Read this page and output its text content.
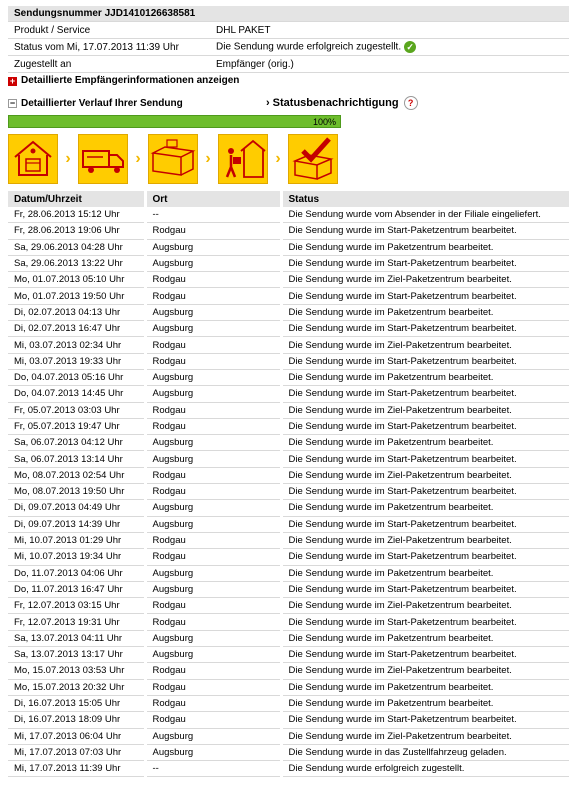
Sendungsnummer JJD1410126638581	
Produkt / Service	DHL PAKET
Status vom Mi, 17.07.2013 11:39 Uhr	Die Sendung wurde erfolgreich zugestellt. ✓
Zugestellt an	Empfänger (orig.)
+ Detaillierte Empfängerinformationen anzeigen
− Detaillierter Verlauf Ihrer Sendung	› Statusbenachrichtigung	?
100%
›	›	›	›
Datum/Uhrzeit	Ort	Status
Fr, 28.06.2013 15:12 Uhr	--	Die Sendung wurde vom Absender in der Filiale eingeliefert.
Fr, 28.06.2013 19:06 Uhr	Rodgau	Die Sendung wurde im Start-Paketzentrum bearbeitet.
Sa, 29.06.2013 04:28 Uhr	Augsburg	Die Sendung wurde im Paketzentrum bearbeitet.
Sa, 29.06.2013 13:22 Uhr	Augsburg	Die Sendung wurde im Start-Paketzentrum bearbeitet.
Mo, 01.07.2013 05:10 Uhr	Rodgau	Die Sendung wurde im Ziel-Paketzentrum bearbeitet.
Mo, 01.07.2013 19:50 Uhr	Rodgau	Die Sendung wurde im Start-Paketzentrum bearbeitet.
Di, 02.07.2013 04:13 Uhr	Augsburg	Die Sendung wurde im Paketzentrum bearbeitet.
Di, 02.07.2013 16:47 Uhr	Augsburg	Die Sendung wurde im Start-Paketzentrum bearbeitet.
Mi, 03.07.2013 02:34 Uhr	Rodgau	Die Sendung wurde im Ziel-Paketzentrum bearbeitet.
Mi, 03.07.2013 19:33 Uhr	Rodgau	Die Sendung wurde im Start-Paketzentrum bearbeitet.
Do, 04.07.2013 05:16 Uhr	Augsburg	Die Sendung wurde im Paketzentrum bearbeitet.
Do, 04.07.2013 14:45 Uhr	Augsburg	Die Sendung wurde im Start-Paketzentrum bearbeitet.
Fr, 05.07.2013 03:03 Uhr	Rodgau	Die Sendung wurde im Ziel-Paketzentrum bearbeitet.
Fr, 05.07.2013 19:47 Uhr	Rodgau	Die Sendung wurde im Start-Paketzentrum bearbeitet.
Sa, 06.07.2013 04:12 Uhr	Augsburg	Die Sendung wurde im Paketzentrum bearbeitet.
Sa, 06.07.2013 13:14 Uhr	Augsburg	Die Sendung wurde im Start-Paketzentrum bearbeitet.
Mo, 08.07.2013 02:54 Uhr	Rodgau	Die Sendung wurde im Ziel-Paketzentrum bearbeitet.
Mo, 08.07.2013 19:50 Uhr	Rodgau	Die Sendung wurde im Start-Paketzentrum bearbeitet.
Di, 09.07.2013 04:49 Uhr	Augsburg	Die Sendung wurde im Paketzentrum bearbeitet.
Di, 09.07.2013 14:39 Uhr	Augsburg	Die Sendung wurde im Start-Paketzentrum bearbeitet.
Mi, 10.07.2013 01:29 Uhr	Rodgau	Die Sendung wurde im Ziel-Paketzentrum bearbeitet.
Mi, 10.07.2013 19:34 Uhr	Rodgau	Die Sendung wurde im Start-Paketzentrum bearbeitet.
Do, 11.07.2013 04:06 Uhr	Augsburg	Die Sendung wurde im Paketzentrum bearbeitet.
Do, 11.07.2013 16:47 Uhr	Augsburg	Die Sendung wurde im Start-Paketzentrum bearbeitet.
Fr, 12.07.2013 03:15 Uhr	Rodgau	Die Sendung wurde im Ziel-Paketzentrum bearbeitet.
Fr, 12.07.2013 19:31 Uhr	Rodgau	Die Sendung wurde im Start-Paketzentrum bearbeitet.
Sa, 13.07.2013 04:11 Uhr	Augsburg	Die Sendung wurde im Paketzentrum bearbeitet.
Sa, 13.07.2013 13:17 Uhr	Augsburg	Die Sendung wurde im Start-Paketzentrum bearbeitet.
Mo, 15.07.2013 03:53 Uhr	Rodgau	Die Sendung wurde im Ziel-Paketzentrum bearbeitet.
Mo, 15.07.2013 20:32 Uhr	Rodgau	Die Sendung wurde im Paketzentrum bearbeitet.
Di, 16.07.2013 15:05 Uhr	Rodgau	Die Sendung wurde im Paketzentrum bearbeitet.
Di, 16.07.2013 18:09 Uhr	Rodgau	Die Sendung wurde im Start-Paketzentrum bearbeitet.
Mi, 17.07.2013 06:04 Uhr	Augsburg	Die Sendung wurde im Ziel-Paketzentrum bearbeitet.
Mi, 17.07.2013 07:03 Uhr	Augsburg	Die Sendung wurde in das Zustellfahrzeug geladen.
Mi, 17.07.2013 11:39 Uhr	--	Die Sendung wurde erfolgreich zugestellt.
